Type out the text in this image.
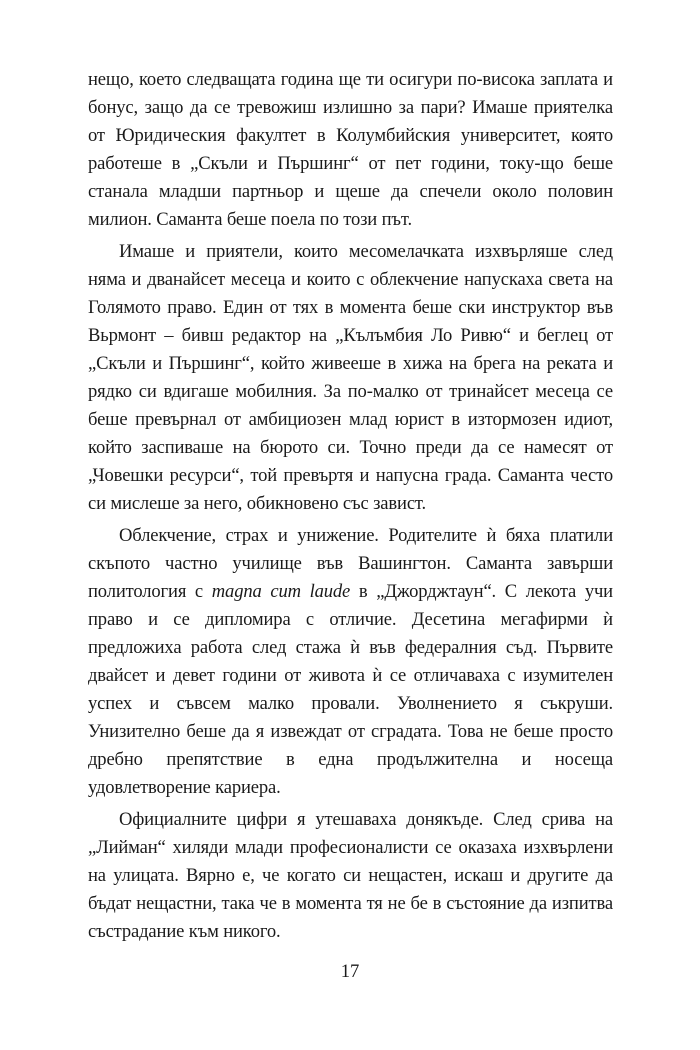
нещо, което следващата година ще ти осигури по-висока заплата и бонус, защо да се тревожиш излишно за пари? Имаше приятелка от Юридическия факултет в Колумбийския университет, която работеше в „Скъли и Пършинг“ от пет години, току-що беше станала младши партньор и щеше да спечели около половин милион. Саманта беше поела по този път.

Имаше и приятели, които месомелачката изхвърляше след няма и дванайсет месеца и които с облекчение напускаха света на Голямото право. Един от тях в момента беше ски инструктор във Вьрмонт – бивш редактор на „Кълъмбия Ло Ривю“ и беглец от „Скъли и Пършинг“, който живееше в хижа на брега на реката и рядко си вдигаше мобилния. За по-малко от тринайсет месеца се беше превърнал от амбициозен млад юрист в изтормозен идиот, който заспиваше на бюрото си. Точно преди да се намесят от „Човешки ресурси“, той превъртя и напусна града. Саманта често си мислеше за него, обикновено със завист.

Облекчение, страх и унижение. Родителите ѝ бяха платили скъпото частно училище във Вашингтон. Саманта завърши политология с magna cum laude в „Джорджтаун“. С лекота учи право и се дипломира с отличие. Десетина мегафирми ѝ предложиха работа след стажа ѝ във федералния съд. Първите двайсет и девет години от живота ѝ се отличаваха с изумителен успех и съвсем малко провали. Уволнението я съкруши. Унизително беше да я извеждат от сградата. Това не беше просто дребно препятствие в една продължителна и носеща удовлетворение кариера.

Официалните цифри я утешаваха донякъде. След срива на „Лийман“ хиляди млади професионалисти се оказаха изхвърлени на улицата. Вярно е, че когато си нещастен, искаш и другите да бъдат нещастни, така че в момента тя не бе в състояние да изпитва състрадание към никого.

17
